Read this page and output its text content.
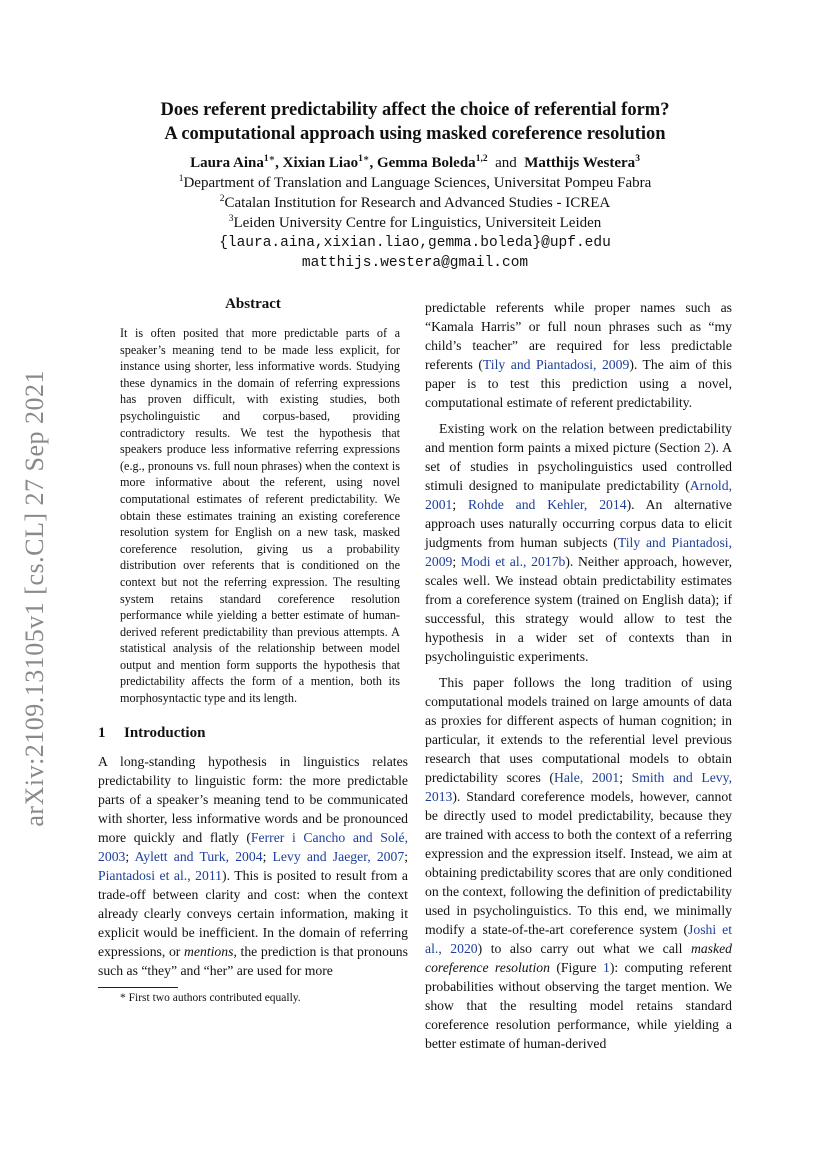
arXiv:2109.13105v1 [cs.CL] 27 Sep 2021
Does referent predictability affect the choice of referential form?
A computational approach using masked coreference resolution
Laura Aina$^{1∗}$, Xixian Liao$^{1∗}$, Gemma Boleda$^{1,2}$ and Matthijs Westera$^3$
$^1$Department of Translation and Language Sciences, Universitat Pompeu Fabra
$^2$Catalan Institution for Research and Advanced Studies - ICREA
$^3$Leiden University Centre for Linguistics, Universiteit Leiden
{laura.aina,xixian.liao,gemma.boleda}@upf.edu
matthijs.westera@gmail.com
Abstract
It is often posited that more predictable parts of a speaker’s meaning tend to be made less explicit, for instance using shorter, less informative words. Studying these dynamics in the domain of referring expressions has proven difficult, with existing studies, both psycholinguistic and corpus-based, providing contradictory results. We test the hypothesis that speakers produce less informative referring expressions (e.g., pronouns vs. full noun phrases) when the context is more informative about the referent, using novel computational estimates of referent predictability. We obtain these estimates training an existing coreference resolution system for English on a new task, masked coreference resolution, giving us a probability distribution over referents that is conditioned on the context but not the referring expression. The resulting system retains standard coreference resolution performance while yielding a better estimate of human-derived referent predictability than previous attempts. A statistical analysis of the relationship between model output and mention form supports the hypothesis that predictability affects the form of a mention, both its morphosyntactic type and its length.
1 Introduction

A long-standing hypothesis in linguistics relates predictability to linguistic form: the more predictable parts of a speaker’s meaning tend to be communicated with shorter, less informative words and be pronounced more quickly and flatly (Ferrer i Cancho and Solé, 2003; Aylett and Turk, 2004; Levy and Jaeger, 2007; Piantadosi et al., 2011). This is posited to result from a trade-off between clarity and cost: when the context already clearly conveys certain information, making it explicit would be inefficient. In the domain of referring expressions, or mentions, the prediction is that pronouns such as “they” and “her” are used for more

* First two authors contributed equally.

predictable referents while proper names such as “Kamala Harris” or full noun phrases such as “my child’s teacher” are required for less predictable referents (Tily and Piantadosi, 2009). The aim of this paper is to test this prediction using a novel, computational estimate of referent predictability.

Existing work on the relation between predictability and mention form paints a mixed picture (Section 2). A set of studies in psycholinguistics used controlled stimuli designed to manipulate predictability (Arnold, 2001; Rohde and Kehler, 2014). An alternative approach uses naturally occurring corpus data to elicit judgments from human subjects (Tily and Piantadosi, 2009; Modi et al., 2017b). Neither approach, however, scales well. We instead obtain predictability estimates from a coreference system (trained on English data); if successful, this strategy would allow to test the hypothesis in a wider set of contexts than in psycholinguistic experiments.

This paper follows the long tradition of using computational models trained on large amounts of data as proxies for different aspects of human cognition; in particular, it extends to the referential level previous research that uses computational models to obtain predictability scores (Hale, 2001; Smith and Levy, 2013). Standard coreference models, however, cannot be directly used to model predictability, because they are trained with access to both the context of a referring expression and the expression itself. Instead, we aim at obtaining predictability scores that are only conditioned on the context, following the definition of predictability used in psycholinguistics. To this end, we minimally modify a state-of-the-art coreference system (Joshi et al., 2020) to also carry out what we call masked coreference resolution (Figure 1): computing referent probabilities without observing the target mention. We show that the resulting model retains standard coreference resolution performance, while yielding a better estimate of human-derived
